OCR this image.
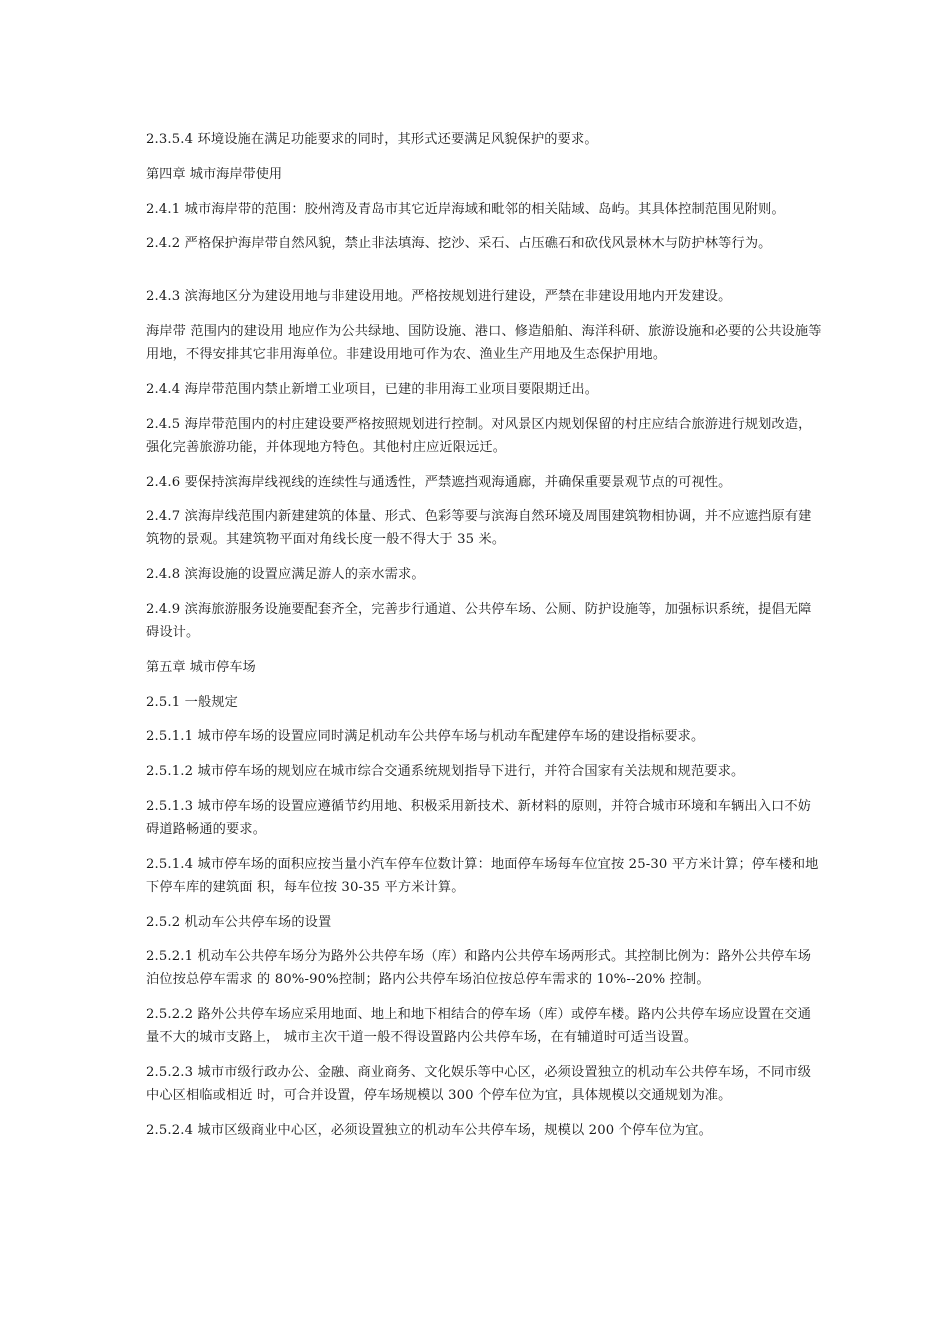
2.3.5.4 环境设施在满足功能要求的同时，其形式还要满足风貌保护的要求。

第四章 城市海岸带使用

2.4.1 城市海岸带的范围：胶州湾及青岛市其它近岸海域和毗邻的相关陆域、岛屿。其具体控制范围见附则。

2.4.2 严格保护海岸带自然风貌，禁止非法填海、挖沙、采石、占压礁石和砍伐风景林木与防护林等行为。

2.4.3 滨海地区分为建设用地与非建设用地。严格按规划进行建设，严禁在非建设用地内开发建设。

海岸带 范围内的建设用 地应作为公共绿地、国防设施、港口、修造船舶、海洋科研、旅游设施和必要的公共设施等用地，不得安排其它非用海单位。非建设用地可作为农、渔业生产用地及生态保护用地。

2.4.4 海岸带范围内禁止新增工业项目，已建的非用海工业项目要限期迁出。

2.4.5 海岸带范围内的村庄建设要严格按照规划进行控制。对风景区内规划保留的村庄应结合旅游进行规划改造，强化完善旅游功能，并体现地方特色。其他村庄应近限远迁。

2.4.6 要保持滨海岸线视线的连续性与通透性，严禁遮挡观海通廊，并确保重要景观节点的可视性。

2.4.7 滨海岸线范围内新建建筑的体量、形式、色彩等要与滨海自然环境及周围建筑物相协调，并不应遮挡原有建筑物的景观。其建筑物平面对角线长度一般不得大于 35 米。

2.4.8 滨海设施的设置应满足游人的亲水需求。

2.4.9 滨海旅游服务设施要配套齐全，完善步行通道、公共停车场、公厕、防护设施等，加强标识系统，提倡无障碍设计。

第五章 城市停车场

2.5.1 一般规定

2.5.1.1 城市停车场的设置应同时满足机动车公共停车场与机动车配建停车场的建设指标要求。

2.5.1.2 城市停车场的规划应在城市综合交通系统规划指导下进行，并符合国家有关法规和规范要求。

2.5.1.3 城市停车场的设置应遵循节约用地、积极采用新技术、新材料的原则，并符合城市环境和车辆出入口不妨碍道路畅通的要求。

2.5.1.4 城市停车场的面积应按当量小汽车停车位数计算：地面停车场每车位宜按 25-30 平方米计算；停车楼和地下停车库的建筑面 积，每车位按 30-35 平方米计算。

2.5.2 机动车公共停车场的设置

2.5.2.1 机动车公共停车场分为路外公共停车场（库）和路内公共停车场两形式。其控制比例为：路外公共停车场泊位按总停车需求 的 80%-90%控制；路内公共停车场泊位按总停车需求的 10%--20% 控制。

2.5.2.2 路外公共停车场应采用地面、地上和地下相结合的停车场（库）或停车楼。路内公共停车场应设置在交通量不大的城市支路上， 城市主次干道一般不得设置路内公共停车场，在有辅道时可适当设置。

2.5.2.3 城市市级行政办公、金融、商业商务、文化娱乐等中心区，必须设置独立的机动车公共停车场，不同市级中心区相临或相近 时，可合并设置，停车场规模以 300 个停车位为宜，具体规模以交通规划为准。

2.5.2.4 城市区级商业中心区，必须设置独立的机动车公共停车场，规模以 200 个停车位为宜。
